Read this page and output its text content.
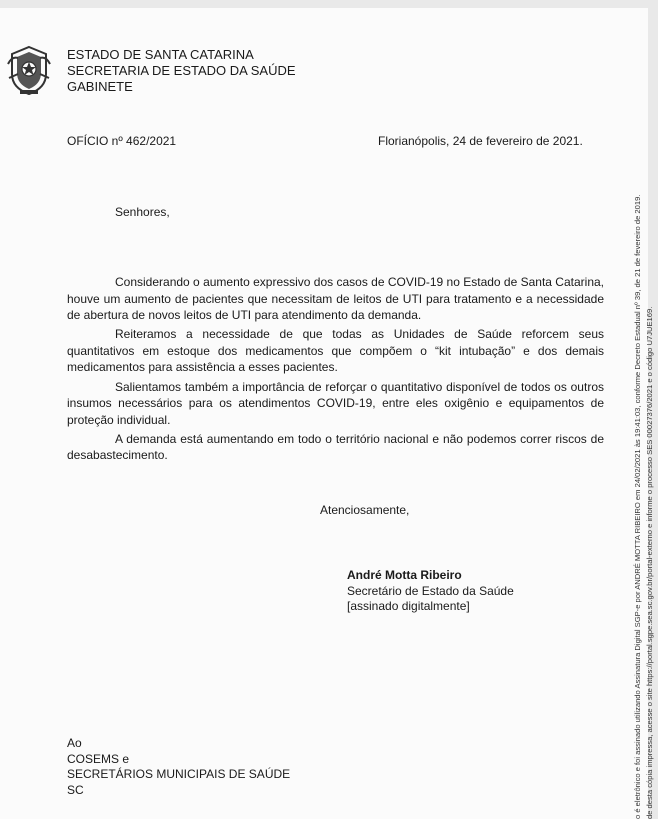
ESTADO DE SANTA CATARINA
SECRETARIA DE ESTADO DA SAÚDE
GABINETE
OFÍCIO nº 462/2021	Florianópolis, 24 de fevereiro de 2021.
Senhores,

Considerando o aumento expressivo dos casos de COVID-19 no Estado de Santa Catarina, houve um aumento de pacientes que necessitam de leitos de UTI para tratamento e a necessidade de abertura de novos leitos de UTI para atendimento da demanda.

Reiteramos a necessidade de que todas as Unidades de Saúde reforcem seus quantitativos em estoque dos medicamentos que compõem o “kit intubação” e dos demais medicamentos para assistência a esses pacientes.

Salientamos também a importância de reforçar o quantitativo disponível de todos os outros insumos necessários para os atendimentos COVID-19, entre eles oxigênio e equipamentos de proteção individual.

A demanda está aumentando em todo o território nacional e não podemos correr riscos de desabastecimento.

Atenciosamente,
André Motta Ribeiro
Secretário de Estado da Saúde
[assinado digitalmente]
Ao
COSEMS e
SECRETÁRIOS MUNICIPAIS DE SAÚDE
SC	o é eletrônico e foi assinado utilizando Assinatura Digital SGP-e por ANDRÉ MOTTA RIBEIRO em 24/02/2021 às 19:41:03, conforme Decreto Estadual nº 39, de 21 de fevereiro de 2019. de desta cópia impressa, acesse o site https://portal.sgpe.sea.sc.gov.br/portal-externo e informe o processo SES 00027376/2021 e o código U7JUE169.
